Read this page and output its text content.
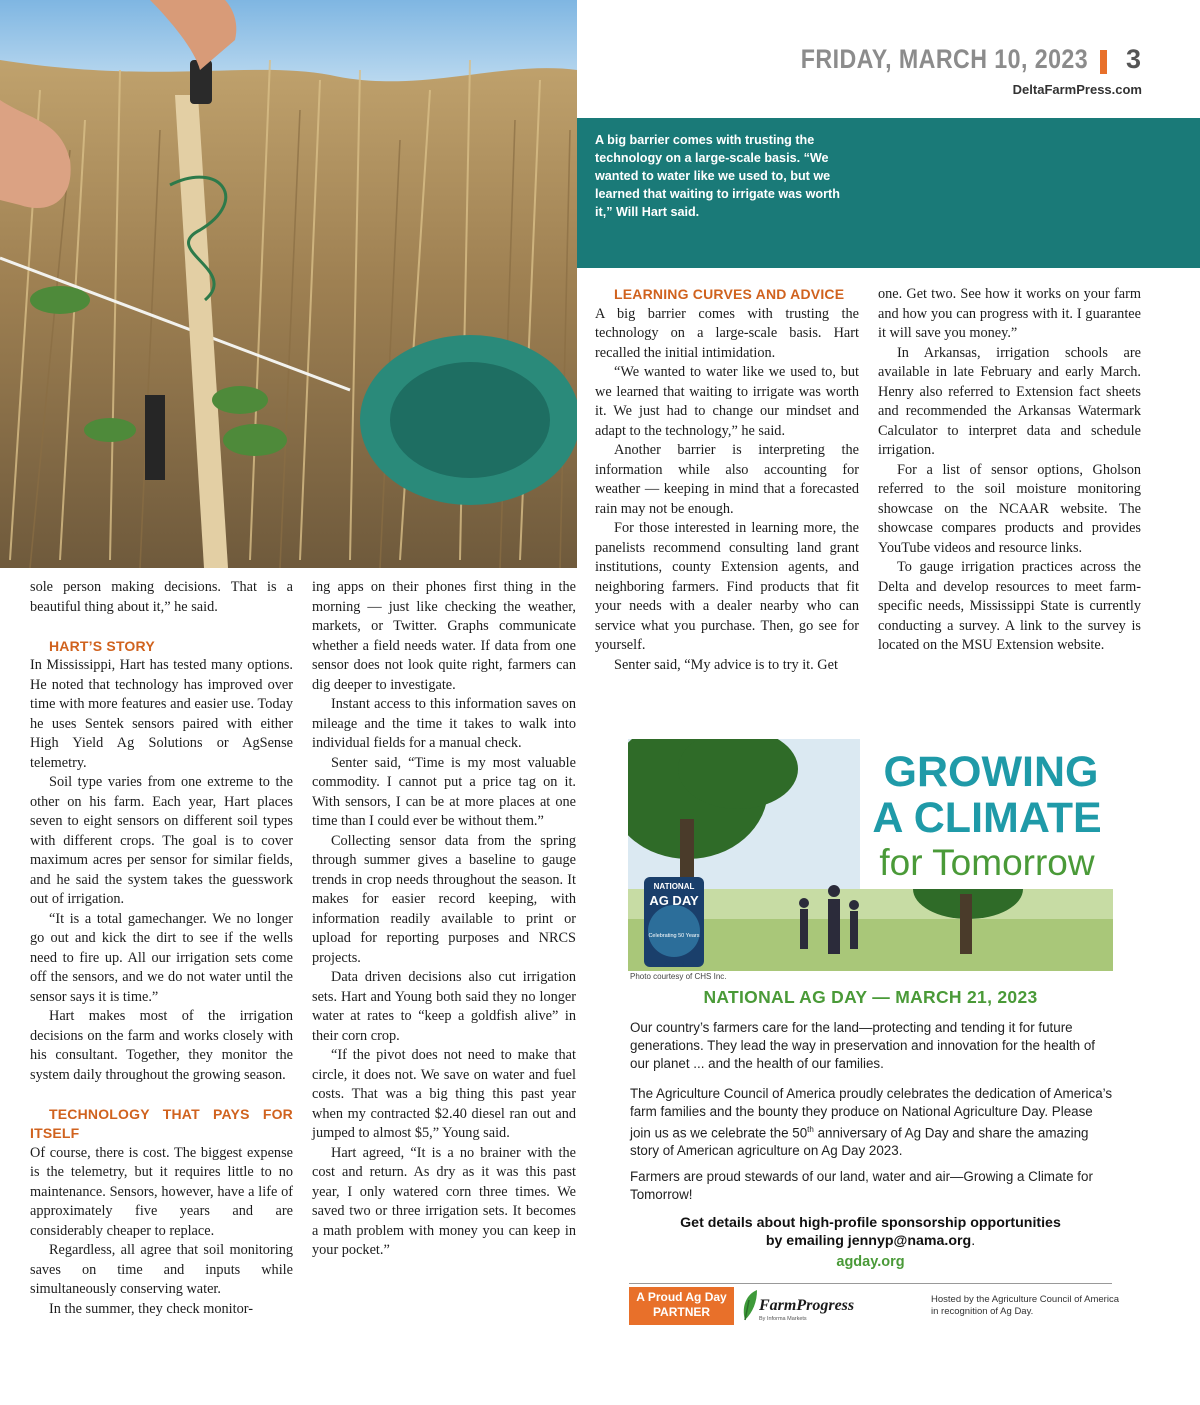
FRIDAY, MARCH 10, 2023 3
DeltaFarmPress.com
A big barrier comes with trusting the technology on a large-scale basis. “We wanted to water like we used to, but we learned that waiting to irrigate was worth it,” Will Hart said.

sole person making decisions. That is a beautiful thing about it,” he said.

HART’S STORY

In Mississippi, Hart has tested many options. He noted that technology has improved over time with more features and easier use. Today he uses Sentek sensors paired with either High Yield Ag Solutions or AgSense telemetry.

Soil type varies from one extreme to the other on his farm. Each year, Hart places seven to eight sensors on different soil types with different crops. The goal is to cover maximum acres per sensor for similar fields, and he said the system takes the guesswork out of irrigation.

“It is a total gamechanger. We no longer go out and kick the dirt to see if the wells need to fire up. All our irrigation sets come off the sensors, and we do not water until the sensor says it is time.”

Hart makes most of the irrigation decisions on the farm and works closely with his consultant. Together, they monitor the system daily throughout the growing season.

TECHNOLOGY THAT PAYS FOR ITSELF

Of course, there is cost. The biggest expense is the telemetry, but it requires little to no maintenance. Sensors, however, have a life of approximately five years and are considerably cheaper to replace.

Regardless, all agree that soil monitoring saves on time and inputs while simultaneously conserving water.

In the summer, they check monitor-

ing apps on their phones first thing in the morning — just like checking the weather, markets, or Twitter. Graphs communicate whether a field needs water. If data from one sensor does not look quite right, farmers can dig deeper to investigate.

Instant access to this information saves on mileage and the time it takes to walk into individual fields for a manual check.

Senter said, “Time is my most valuable commodity. I cannot put a price tag on it. With sensors, I can be at more places at one time than I could ever be without them.”

Collecting sensor data from the spring through summer gives a baseline to gauge trends in crop needs throughout the season. It makes for easier record keeping, with information readily available to print or upload for reporting purposes and NRCS projects.

Data driven decisions also cut irrigation sets. Hart and Young both said they no longer water at rates to “keep a goldfish alive” in their corn crop.

“If the pivot does not need to make that circle, it does not. We save on water and fuel costs. That was a big thing this past year when my contracted $2.40 diesel ran out and jumped to almost $5,” Young said.

Hart agreed, “It is a no brainer with the cost and return. As dry as it was this past year, I only watered corn three times. We saved two or three irrigation sets. It becomes a math problem with money you can keep in your pocket.”

LEARNING CURVES AND ADVICE

A big barrier comes with trusting the technology on a large-scale basis. Hart recalled the initial intimidation.

“We wanted to water like we used to, but we learned that waiting to irrigate was worth it. We just had to change our mindset and adapt to the technology,” he said.

Another barrier is interpreting the information while also accounting for weather — keeping in mind that a forecasted rain may not be enough.

For those interested in learning more, the panelists recommend consulting land grant institutions, county Extension agents, and neighboring farmers. Find products that fit your needs with a dealer nearby who can service what you purchase. Then, go see for yourself.

Senter said, “My advice is to try it. Get

one. Get two. See how it works on your farm and how you can progress with it. I guarantee it will save you money.”

In Arkansas, irrigation schools are available in late February and early March. Henry also referred to Extension fact sheets and recommended the Arkansas Watermark Calculator to interpret data and schedule irrigation.

For a list of sensor options, Gholson referred to the soil moisture monitoring showcase on the NCAAR website. The showcase compares products and provides YouTube videos and resource links.

To gauge irrigation practices across the Delta and develop resources to meet farm-specific needs, Mississippi State is currently conducting a survey. A link to the survey is located on the MSU Extension website.

GROWING
A CLIMATE
for Tomorrow
NATIONAL
AG DAY
Celebrating 50 Years
2023
Photo courtesy of CHS Inc.
NATIONAL AG DAY — MARCH 21, 2023
Our country’s farmers care for the land—protecting and tending it for future generations. They lead the way in preservation and innovation for the health of our planet ... and the health of our families.
The Agriculture Council of America proudly celebrates the dedication of America’s farm families and the bounty they produce on National Agriculture Day. Please join us as we celebrate the 50th anniversary of Ag Day and share the amazing story of American agriculture on Ag Day 2023.
Farmers are proud stewards of our land, water and air—Growing a Climate for Tomorrow!
Get details about high-profile sponsorship opportunities
by emailing jennyp@nama.org.
agday.org
A Proud Ag Day
PARTNER	FarmProgress
By Informa Markets
Hosted by the Agriculture Council of America in recognition of Ag Day.
